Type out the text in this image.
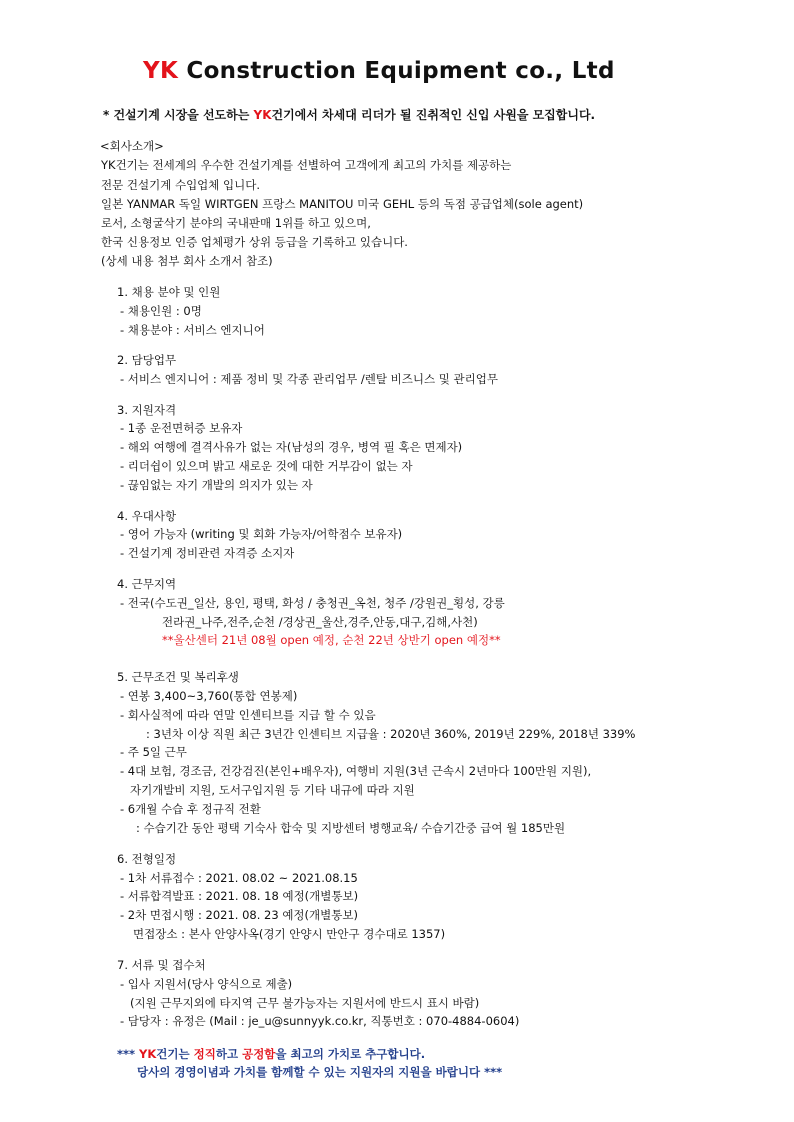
YK Construction Equipment co., Ltd
* 건설기계 시장을 선도하는 YK건기에서 차세대 리더가 될 진취적인 신입 사원을 모집합니다.
<회사소개>
YK건기는 전세계의 우수한 건설기계를 선별하여 고객에게 최고의 가치를 제공하는
전문 건설기계 수입업체 입니다.
일본 YANMAR 독일 WIRTGEN 프랑스 MANITOU 미국 GEHL 등의 독점 공급업체(sole agent)
로서, 소형굴삭기 분야의 국내판매 1위를 하고 있으며,
한국 신용정보 인증 업체평가 상위 등급을 기록하고 있습니다.
(상세 내용 첨부 회사 소개서 참조)
1. 채용 분야 및 인원
- 채용인원 : 0명
- 채용분야 : 서비스 엔지니어
2. 담당업무
- 서비스 엔지니어 : 제품 정비 및 각종 관리업무 /렌탈 비즈니스 및 관리업무
3. 지원자격
- 1종 운전면허증 보유자
- 해외 여행에 결격사유가 없는 자(남성의 경우, 병역 필 혹은 면제자)
- 리더쉽이 있으며 밝고 새로운 것에 대한 거부감이 없는 자
- 끊임없는 자기 개발의 의지가 있는 자
4. 우대사항
- 영어 가능자 (writing 및 회화 가능자/어학점수 보유자)
- 건설기계 정비관련 자격증 소지자
4. 근무지역
- 전국(수도권_일산, 용인, 평택, 화성 / 충청권_옥천, 청주 /강원권_횡성, 강릉
전라권_나주,전주,순천 /경상권_울산,경주,안동,대구,김해,사천)
**울산센터 21년 08월 open 예정, 순천 22년 상반기 open 예정**
5. 근무조건 및 복리후생
- 연봉 3,400~3,760(통합 연봉제)
- 회사실적에 따라 연말 인센티브를 지급 할 수 있음
: 3년차 이상 직원 최근 3년간 인센티브 지급율 : 2020년 360%, 2019년 229%, 2018년 339%
- 주 5일 근무
- 4대 보험, 경조금, 건강검진(본인+배우자), 여행비 지원(3년 근속시 2년마다 100만원 지원),
자기개발비 지원, 도서구입지원 등 기타 내규에 따라 지원
- 6개월 수습 후 정규직 전환
: 수습기간 동안 평택 기숙사 합숙 및 지방센터 병행교육/ 수습기간중 급여 월 185만원
6. 전형일정
- 1차 서류접수 : 2021. 08.02 ~ 2021.08.15
- 서류합격발표 : 2021. 08. 18 예정(개별통보)
- 2차 면접시행 : 2021. 08. 23 예정(개별통보)
면접장소 : 본사 안양사옥(경기 안양시 만안구 경수대로 1357)
7. 서류 및 접수처
- 입사 지원서(당사 양식으로 제출)
(지원 근무지외에 타지역 근무 불가능자는 지원서에 반드시 표시 바람)
- 담당자 : 유정은 (Mail : je_u@sunnyyk.co.kr, 직통번호 : 070-4884-0604)
*** YK건기는 정직하고 공정함을 최고의 가치로 추구합니다.
당사의 경영이념과 가치를 함께할 수 있는 지원자의 지원을 바랍니다 ***
